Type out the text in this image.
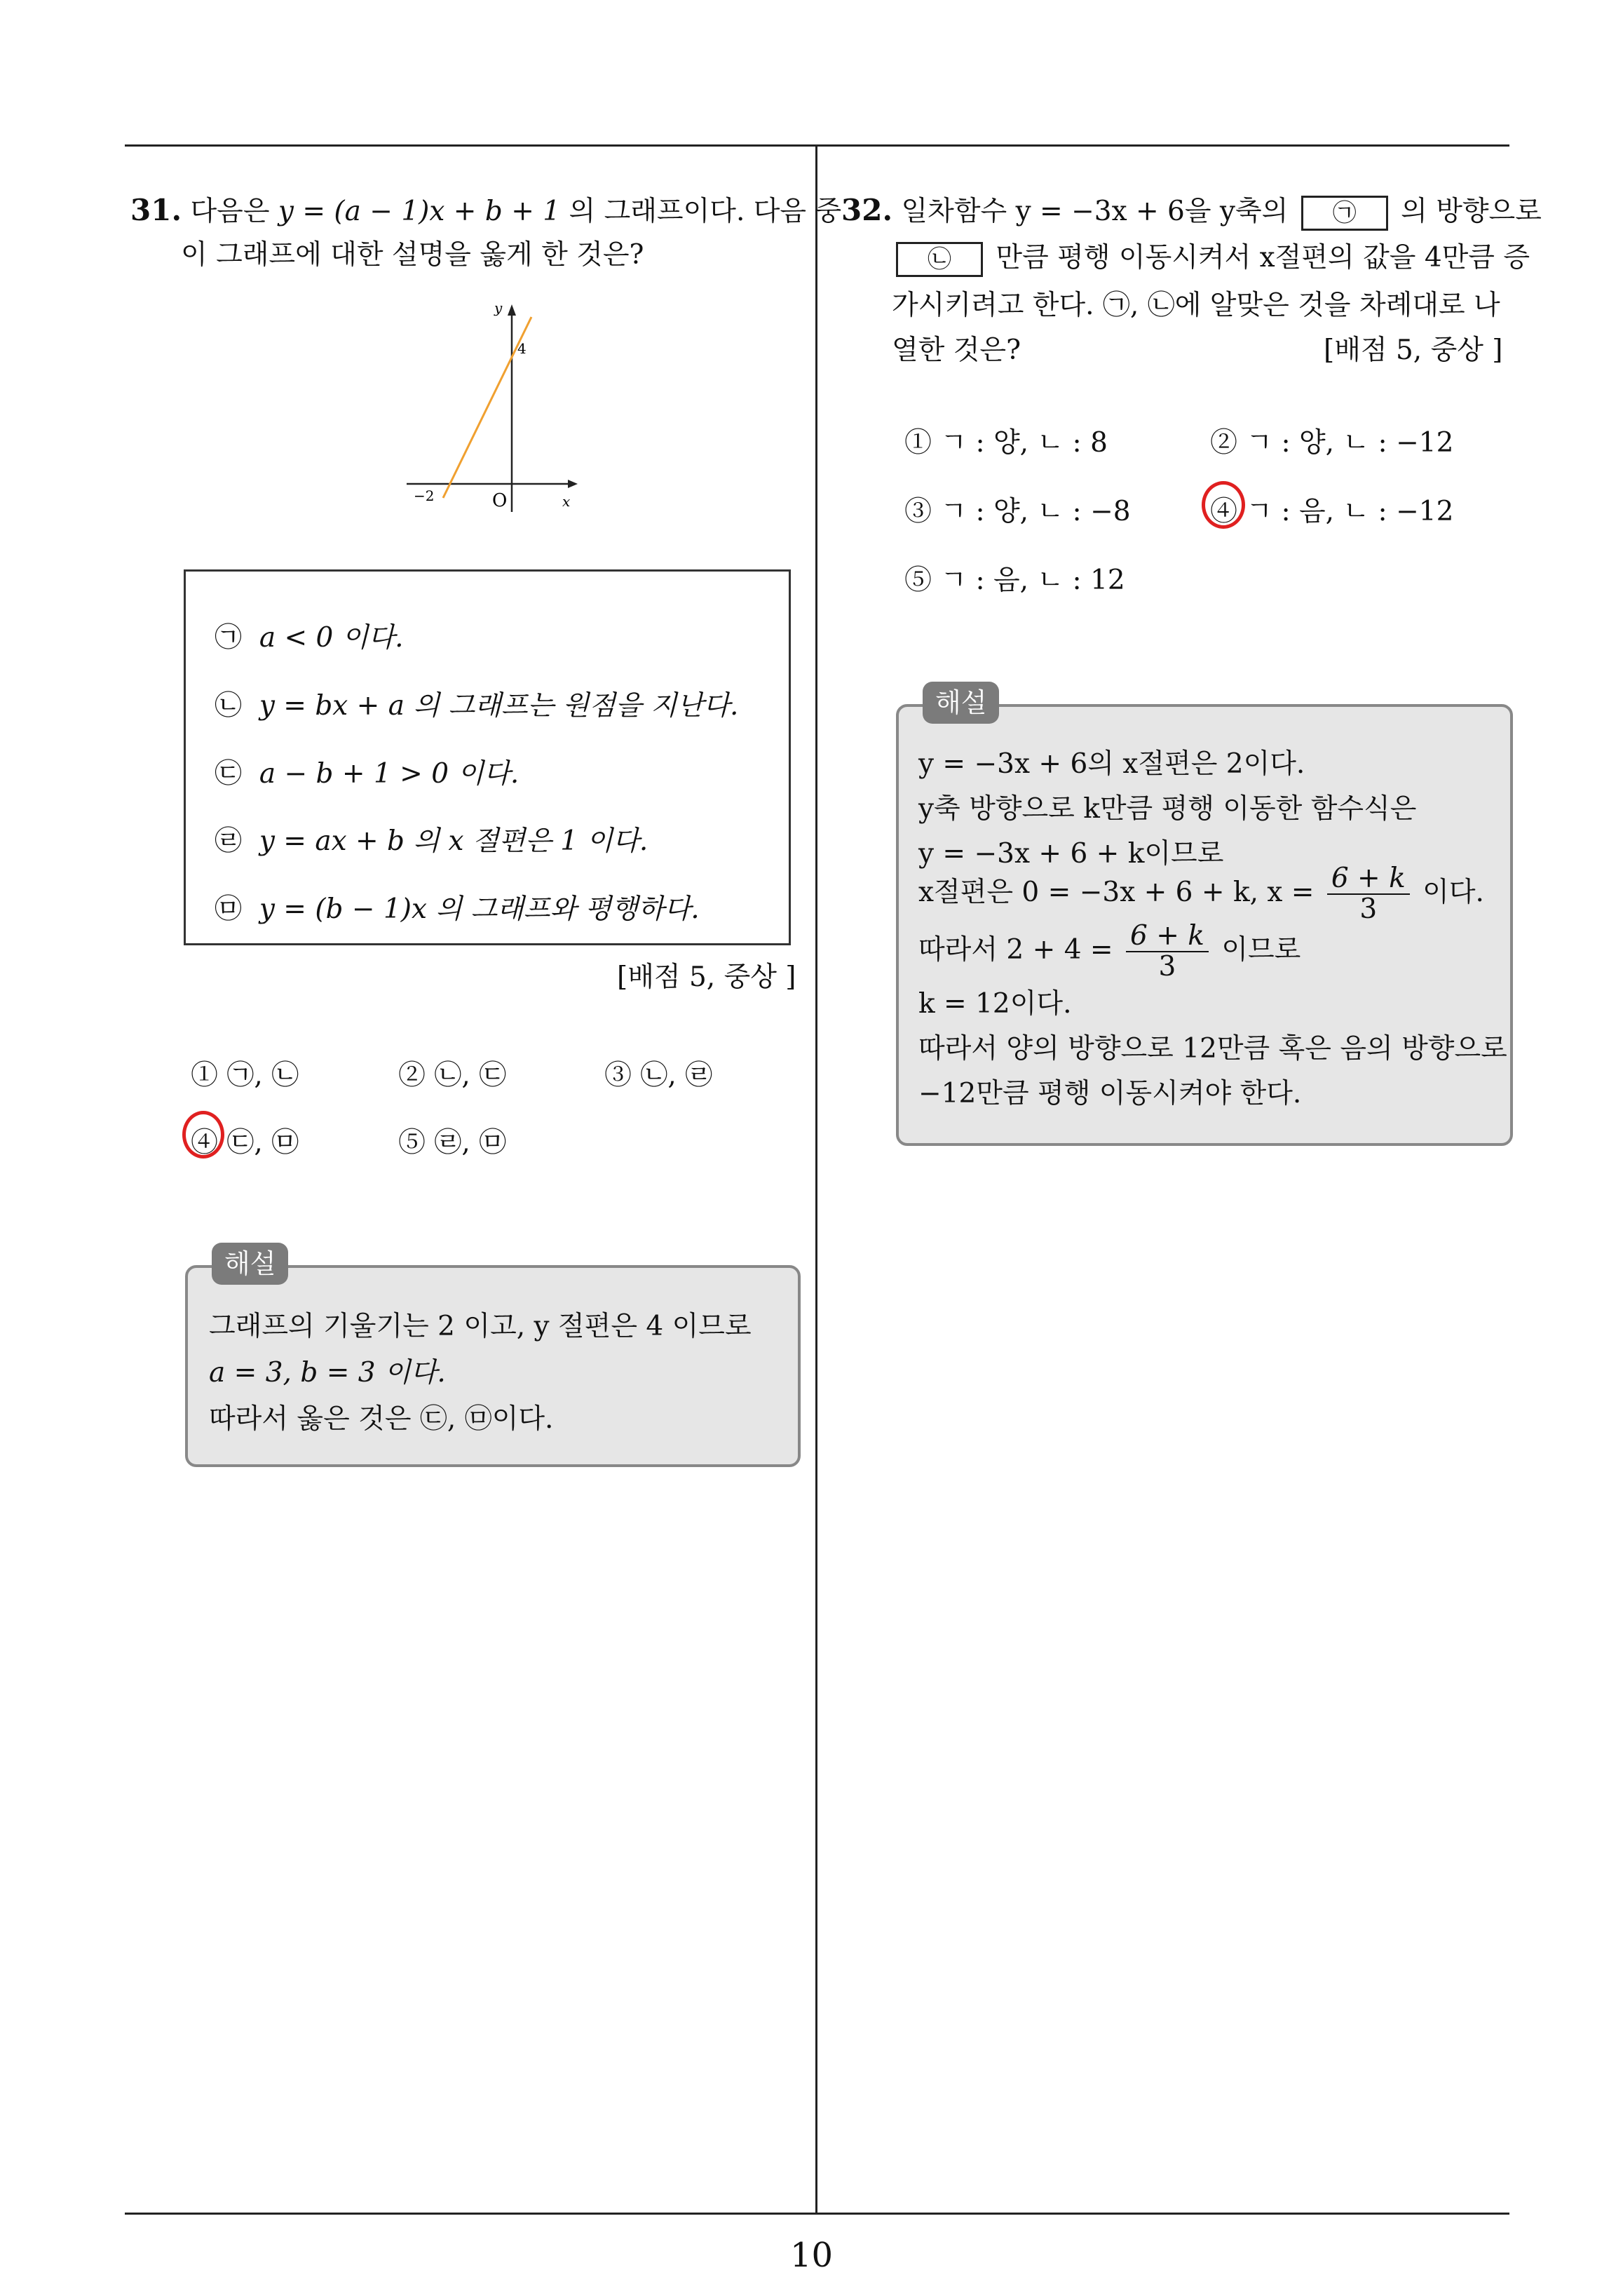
31. 다음은 y = (a − 1)x + b + 1 의 그래프이다. 다음 중
이 그래프에 대한 설명을 옳게 한 것은?
y
x
O
4
−2
㉠ a < 0 이다.
㉡ y = bx + a 의 그래프는 원점을 지난다.
㉢ a − b + 1 > 0 이다.
㉣ y = ax + b 의 x 절편은 1 이다.
㉤ y = (b − 1)x 의 그래프와 평행하다.
[배점 5, 중상 ]
① ㉠, ㉡	② ㉡, ㉢	③ ㉡, ㉣
④ ㉢, ㉤	⑤ ㉣, ㉤
해설
그래프의 기울기는 2 이고, y 절편은 4 이므로
a = 3, b = 3 이다.
따라서 옳은 것은 ㉢, ㉤이다.
32. 일차함수 y = −3x + 6을 y축의 ㉠ 의 방향으로
㉡ 만큼 평행 이동시켜서 x절편의 값을 4만큼 증
가시키려고 한다. ㉠, ㉡에 알맞은 것을 차례대로 나
열한 것은?	[배점 5, 중상 ]
① ㄱ : 양, ㄴ : 8	② ㄱ : 양, ㄴ : −12
③ ㄱ : 양, ㄴ : −8	④ ㄱ : 음, ㄴ : −12
⑤ ㄱ : 음, ㄴ : 12
해설
y = −3x + 6의 x절편은 2이다.
y축 방향으로 k만큼 평행 이동한 함수식은
y = −3x + 6 + k이므로
x절편은 0 = −3x + 6 + k, $x = \frac{6 + k}{3}$ 이다.
따라서 $2 + 4 = \frac{6 + k}{3}$ 이므로
k = 12이다.
따라서 양의 방향으로 12만큼 혹은 음의 방향으로
−12만큼 평행 이동시켜야 한다.
10
